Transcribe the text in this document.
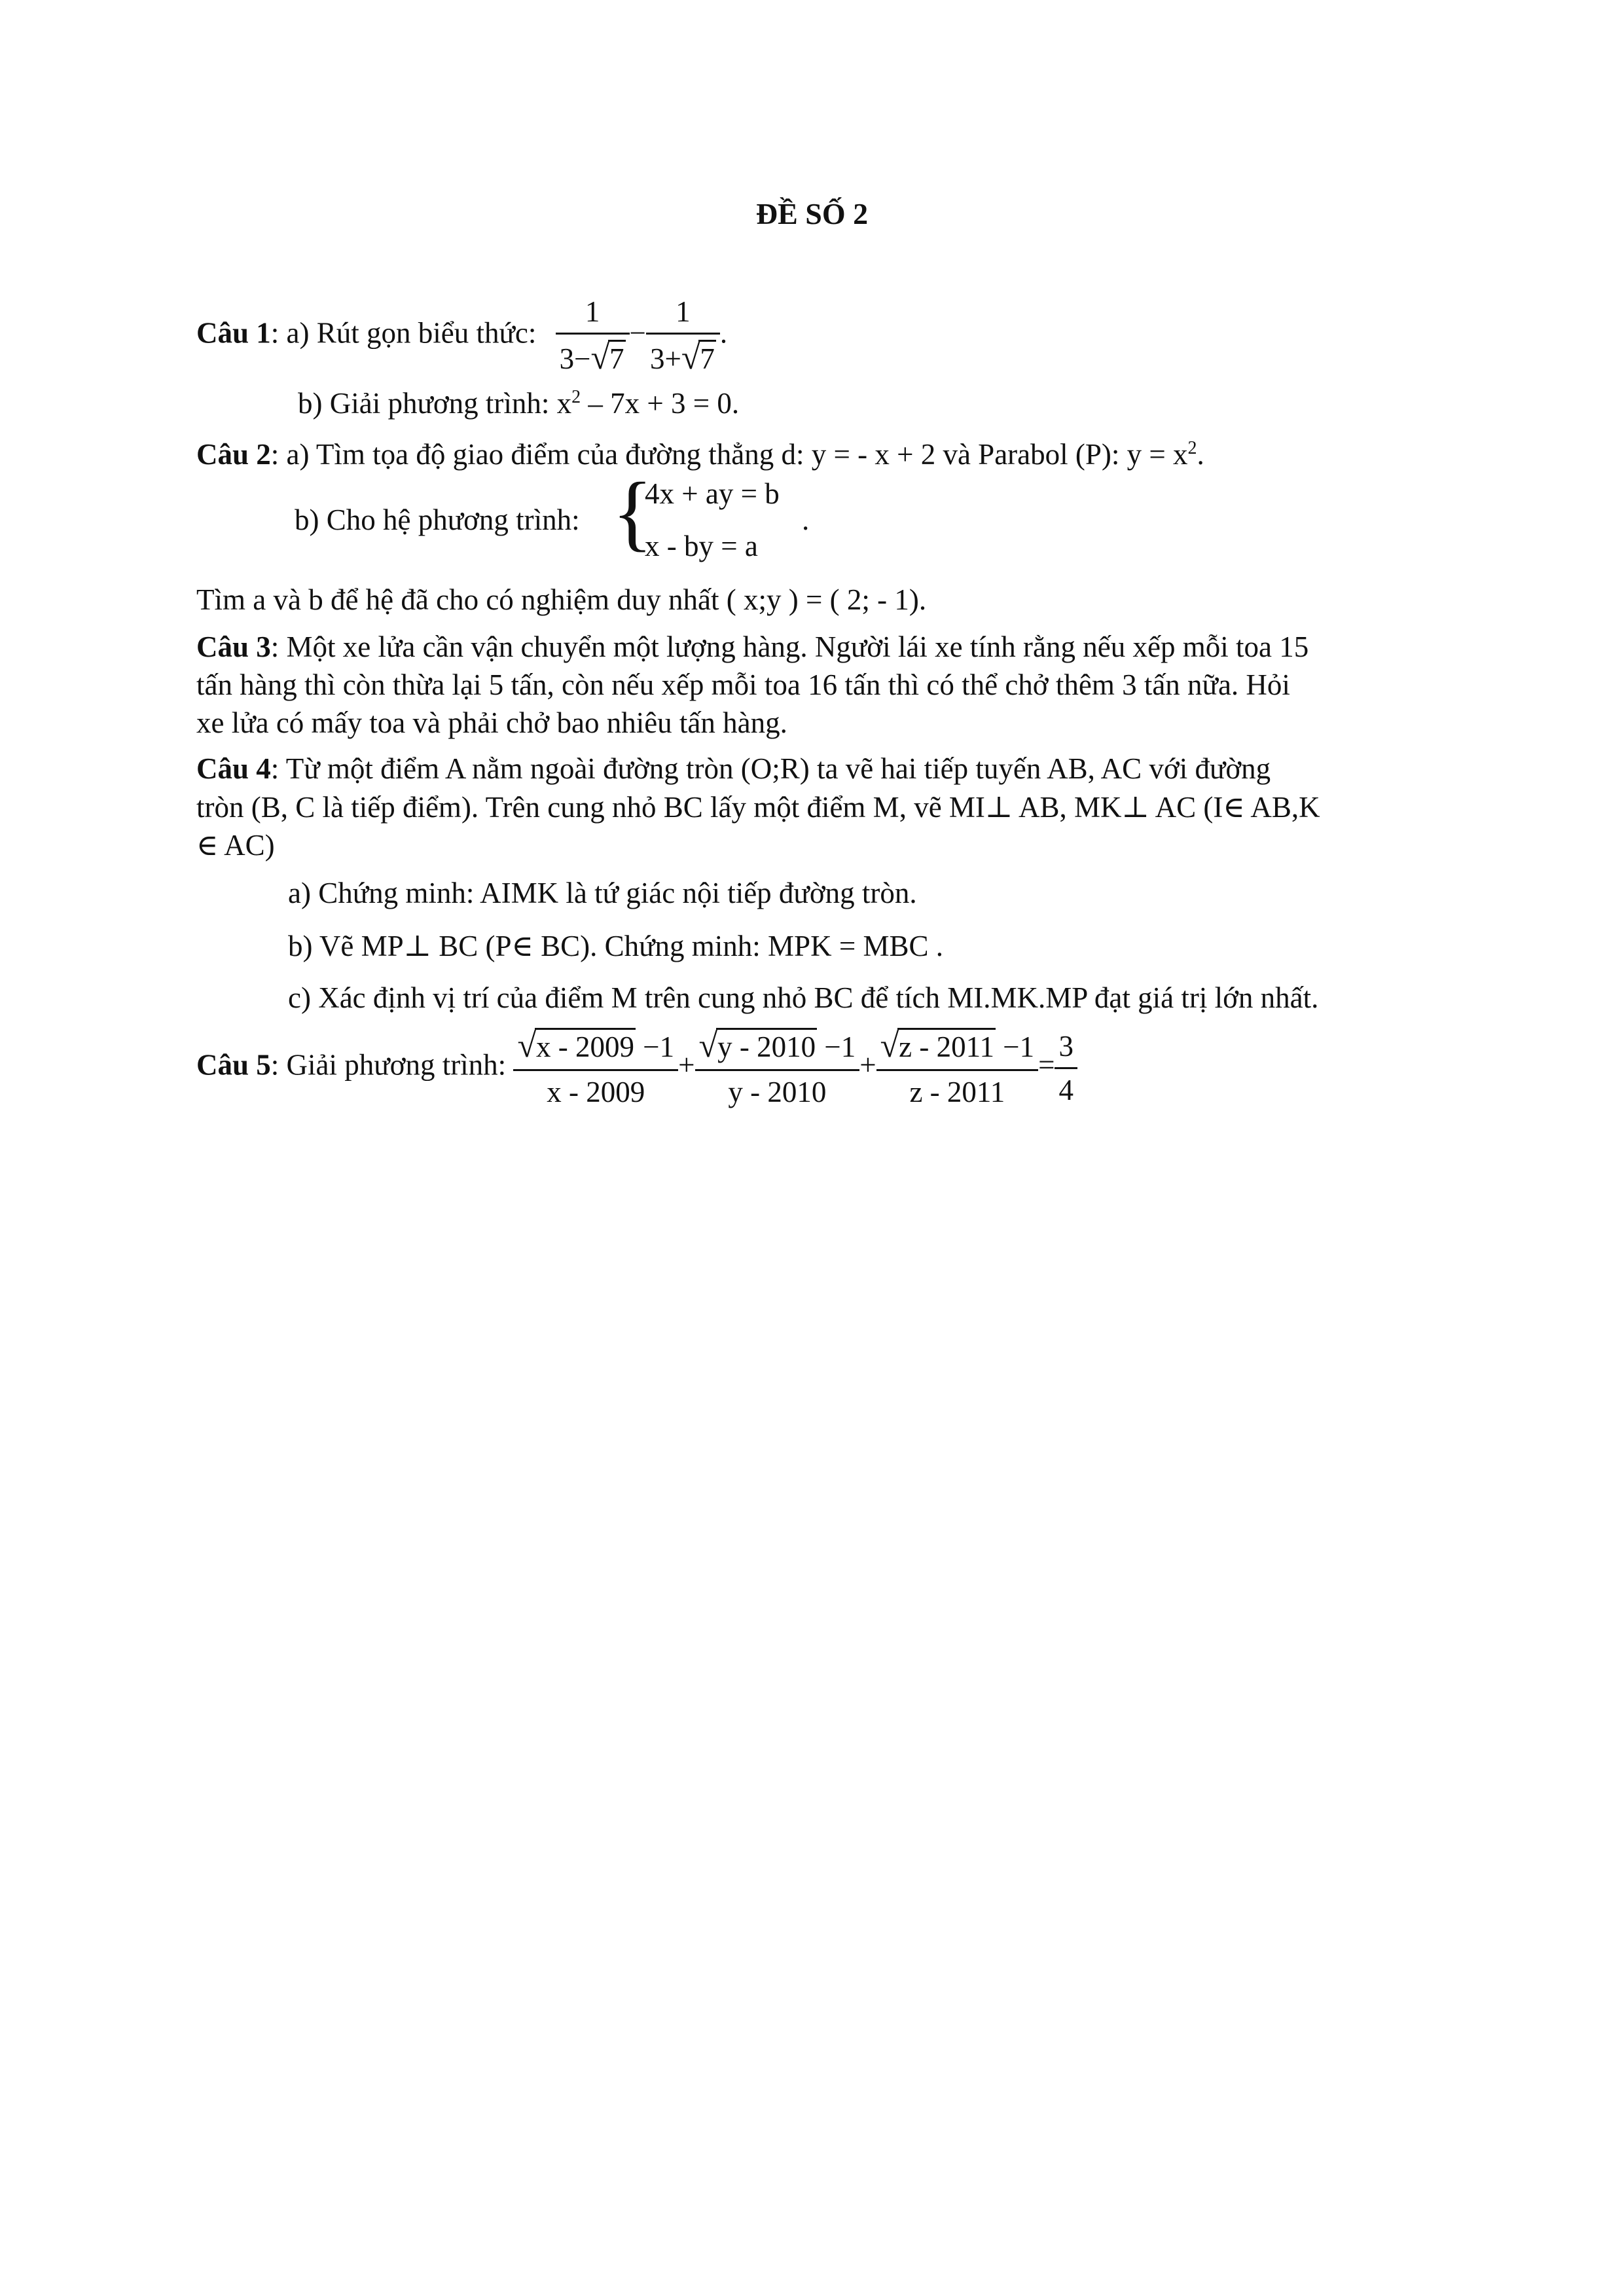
ĐỀ SỐ 2
Câu 1: a) Rút gọn biểu thức: $\frac{1}{3-√7} - \frac{1}{3+√7}$ .
b) Giải phương trình: $x^2 - 7x + 3 = 0$.
Câu 2: a) Tìm tọa độ giao điểm của đường thẳng d: y = - x + 2 và Parabol (P): $y = x^2$.
b) Cho hệ phương trình: {
4x + ay = b
x - by = a
.
Tìm a và b để hệ đã cho có nghiệm duy nhất ( x;y ) = ( 2; - 1).
Câu 3: Một xe lửa cần vận chuyển một lượng hàng. Người lái xe tính rằng nếu xếp mỗi toa 15
tấn hàng thì còn thừa lại 5 tấn, còn nếu xếp mỗi toa 16 tấn thì có thể chở thêm 3 tấn nữa. Hỏi
xe lửa có mấy toa và phải chở bao nhiêu tấn hàng.
Câu 4: Từ một điểm A nằm ngoài đường tròn (O;R) ta vẽ hai tiếp tuyến AB, AC với đường
tròn (B, C là tiếp điểm). Trên cung nhỏ BC lấy một điểm M, vẽ MI⊥ AB, MK⊥ AC (I∈ AB,K
∈ AC)
a) Chứng minh: AIMK là tứ giác nội tiếp đường tròn.
b) Vẽ MP⊥ BC (P∈ BC). Chứng minh: MPK = MBC .
c) Xác định vị trí của điểm M trên cung nhỏ BC để tích MI.MK.MP đạt giá trị lớn nhất.
Câu 5: Giải phương trình: $\frac{√x - 2009 -1}{x - 2009} + \frac{√y - 2010 -1}{y - 2010} + \frac{√z - 2011 -1}{z - 2011} = \frac{3}{4}$
